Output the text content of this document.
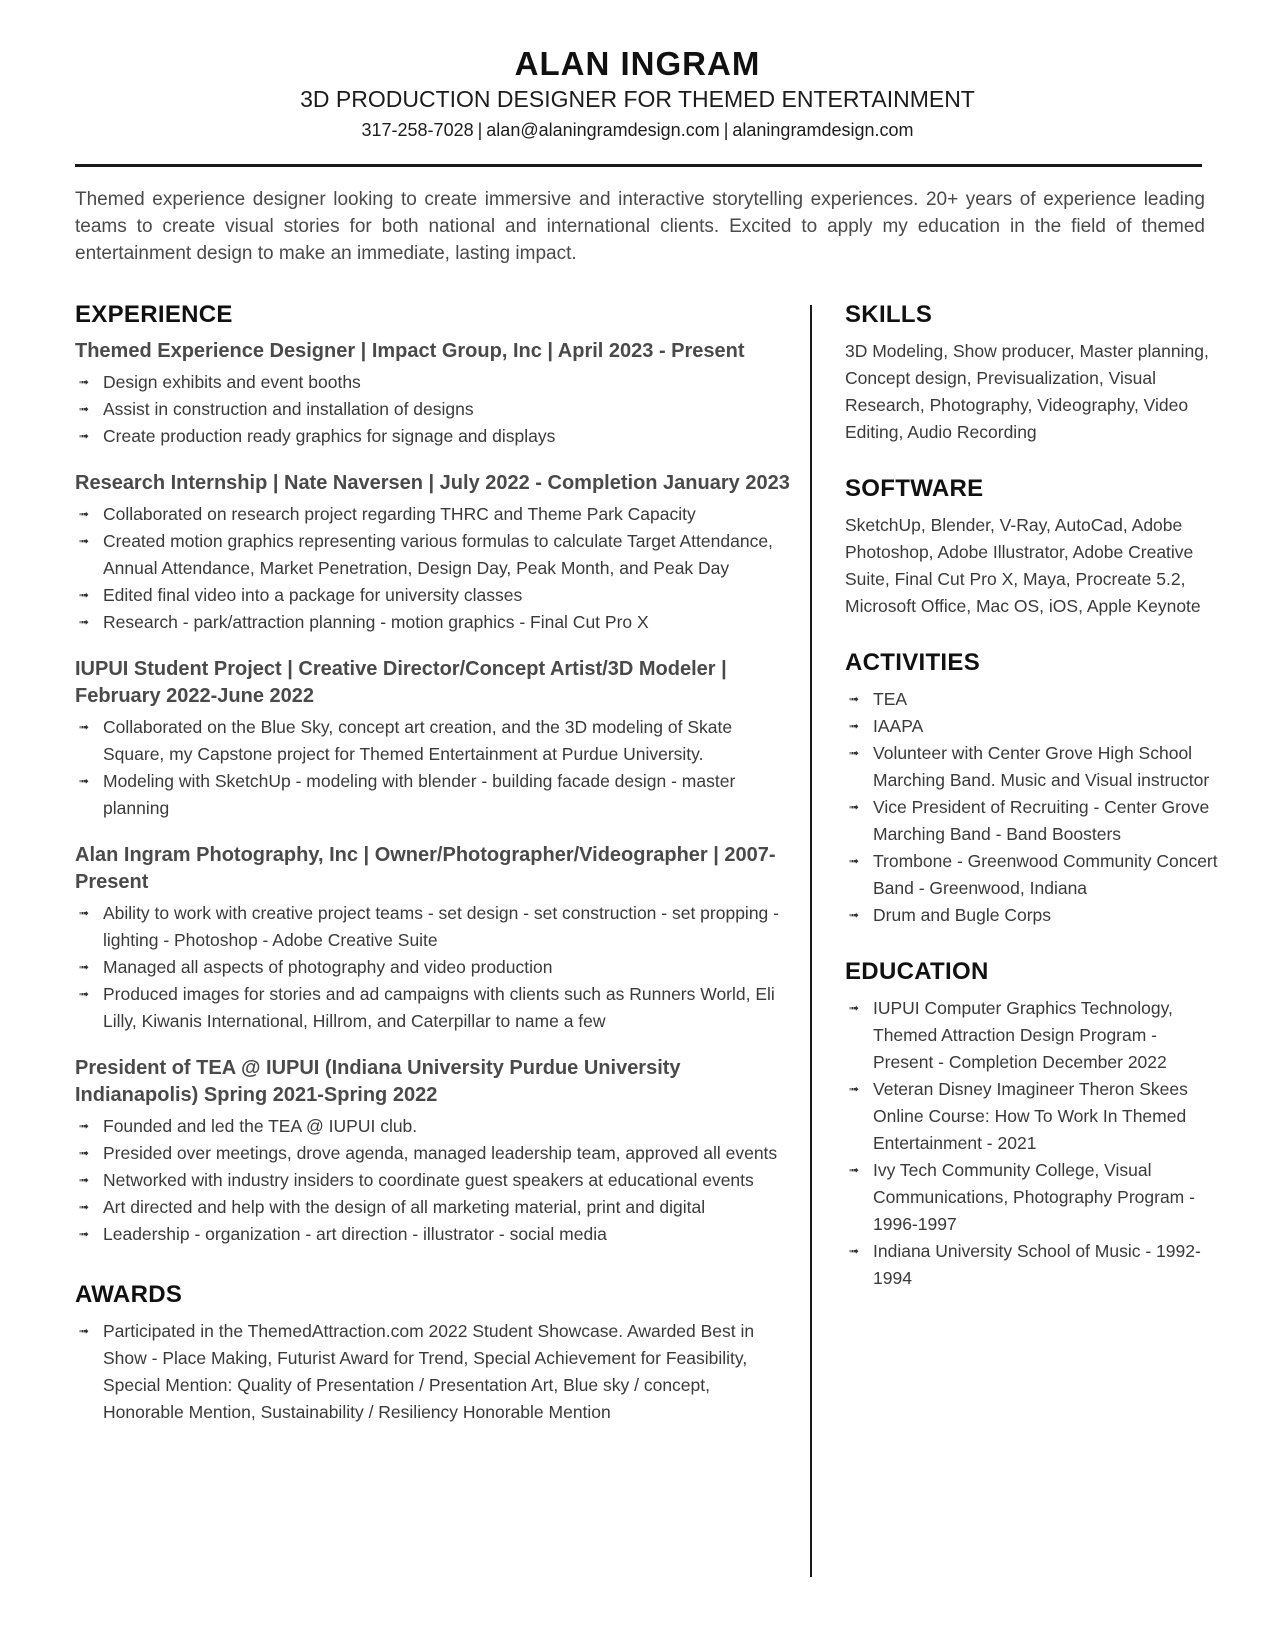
ALAN INGRAM
3D PRODUCTION DESIGNER FOR THEMED ENTERTAINMENT
317-258-7028 | alan@alaningramdesign.com | alaningramdesign.com
Themed experience designer looking to create immersive and interactive storytelling experiences. 20+ years of experience leading teams to create visual stories for both national and international clients. Excited to apply my education in the field of themed entertainment design to make an immediate, lasting impact.
EXPERIENCE
Themed Experience Designer | Impact Group, Inc | April 2023 - Present
➟ Design exhibits and event booths
➟ Assist in construction and installation of designs
➟ Create production ready graphics for signage and displays
Research Internship | Nate Naversen | July 2022 - Completion January 2023
➟ Collaborated on research project regarding THRC and Theme Park Capacity
➟ Created motion graphics representing various formulas to calculate Target Attendance, Annual Attendance, Market Penetration, Design Day, Peak Month, and Peak Day
➟ Edited final video into a package for university classes
➟ Research - park/attraction planning - motion graphics - Final Cut Pro X
IUPUI Student Project | Creative Director/Concept Artist/3D Modeler | February 2022-June 2022
➟ Collaborated on the Blue Sky, concept art creation, and the 3D modeling of Skate Square, my Capstone project for Themed Entertainment at Purdue University.
➟ Modeling with SketchUp - modeling with blender - building facade design - master planning
Alan Ingram Photography, Inc | Owner/Photographer/Videographer | 2007-Present
➟ Ability to work with creative project teams - set design - set construction - set propping - lighting - Photoshop - Adobe Creative Suite
➟ Managed all aspects of photography and video production
➟ Produced images for stories and ad campaigns with clients such as Runners World, Eli Lilly, Kiwanis International, Hillrom, and Caterpillar to name a few
President of TEA @ IUPUI (Indiana University Purdue University Indianapolis) Spring 2021-Spring 2022
➟ Founded and led the TEA @ IUPUI club.
➟ Presided over meetings, drove agenda, managed leadership team, approved all events
➟ Networked with industry insiders to coordinate guest speakers at educational events
➟ Art directed and help with the design of all marketing material, print and digital
➟ Leadership - organization - art direction - illustrator - social media
AWARDS
➟ Participated in the ThemedAttraction.com 2022 Student Showcase. Awarded Best in Show - Place Making, Futurist Award for Trend, Special Achievement for Feasibility, Special Mention: Quality of Presentation / Presentation Art, Blue sky / concept, Honorable Mention, Sustainability / Resiliency Honorable Mention
SKILLS

3D Modeling, Show producer, Master planning, Concept design, Previsualization, Visual Research, Photography, Videography, Video Editing, Audio Recording

SOFTWARE

SketchUp, Blender, V-Ray, AutoCad, Adobe Photoshop, Adobe Illustrator, Adobe Creative Suite, Final Cut Pro X, Maya, Procreate 5.2, Microsoft Office, Mac OS, iOS, Apple Keynote

ACTIVITIES
➟ TEA
➟ IAAPA
➟ Volunteer with Center Grove High School Marching Band. Music and Visual instructor
➟ Vice President of Recruiting - Center Grove Marching Band - Band Boosters
➟ Trombone - Greenwood Community Concert Band - Greenwood, Indiana
➟ Drum and Bugle Corps
EDUCATION
➟ IUPUI Computer Graphics Technology, Themed Attraction Design Program - Present - Completion December 2022
➟ Veteran Disney Imagineer Theron Skees Online Course: How To Work In Themed Entertainment - 2021
➟ Ivy Tech Community College, Visual Communications, Photography Program - 1996-1997
➟ Indiana University School of Music - 1992-1994
